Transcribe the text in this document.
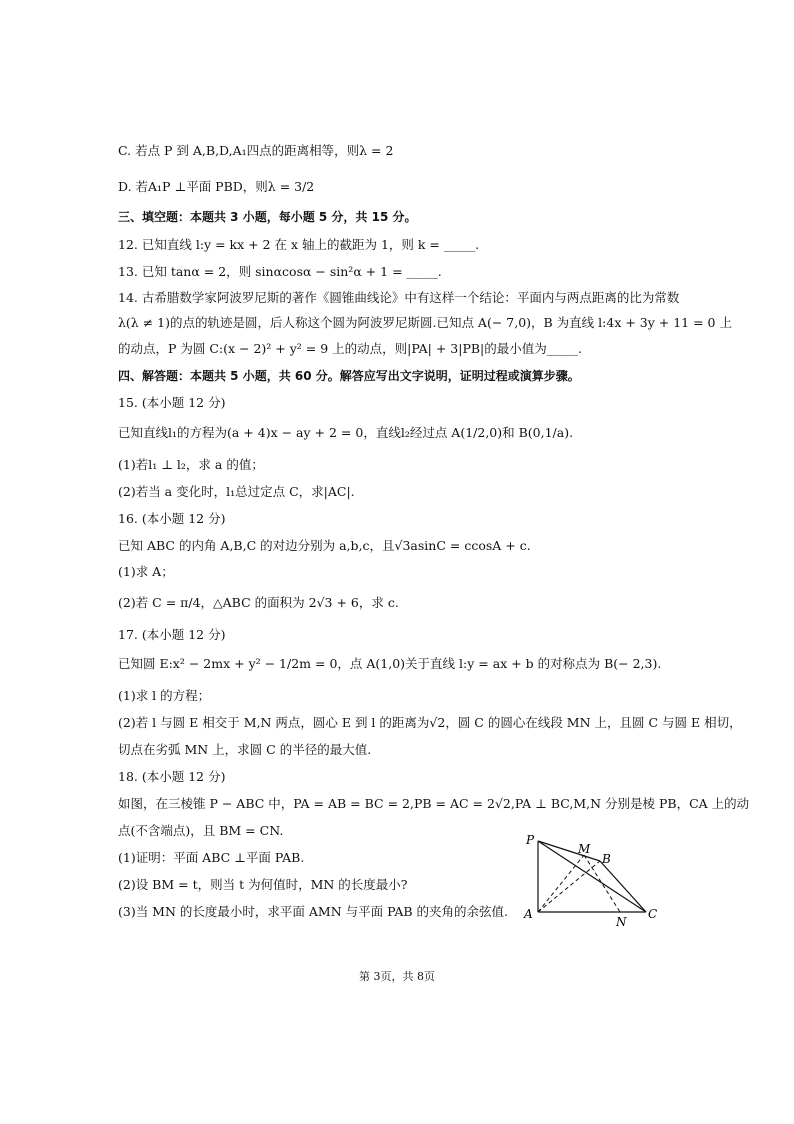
C. 若点 P 到 A,B,D,A₁四点的距离相等，则λ = 2
D. 若A₁P ⊥平面 PBD，则λ = 3/2
三、填空题：本题共 3 小题，每小题 5 分，共 15 分。
12. 已知直线 l:y = kx + 2 在 x 轴上的截距为 1，则 k = _____.
13. 已知 tanα = 2，则 sinαcosα − sin²α + 1 = _____.
14. 古希腊数学家阿波罗尼斯的著作《圆锥曲线论》中有这样一个结论：平面内与两点距离的比为常数
λ(λ ≠ 1)的点的轨迹是圆，后人称这个圆为阿波罗尼斯圆.已知点 A(− 7,0)，B 为直线 l:4x + 3y + 11 = 0 上
的动点，P 为圆 C:(x − 2)² + y² = 9 上的动点，则|PA| + 3|PB|的最小值为_____.
四、解答题：本题共 5 小题，共 60 分。解答应写出文字说明，证明过程或演算步骤。
15. (本小题 12 分)
已知直线l₁的方程为(a + 4)x − ay + 2 = 0，直线l₂经过点 A(1/2,0)和 B(0,1/a).
(1)若l₁ ⊥ l₂，求 a 的值；
(2)若当 a 变化时，l₁总过定点 C，求|AC|.
16. (本小题 12 分)
已知 ABC 的内角 A,B,C 的对边分别为 a,b,c，且√3asinC = ccosA + c.
(1)求 A；
(2)若 C = π/4，△ABC 的面积为 2√3 + 6，求 c.
17. (本小题 12 分)
已知圆 E:x² − 2mx + y² − 1/2m = 0，点 A(1,0)关于直线 l:y = ax + b 的对称点为 B(− 2,3).
(1)求 l 的方程；
(2)若 l 与圆 E 相交于 M,N 两点，圆心 E 到 l 的距离为√2，圆 C 的圆心在线段 MN 上，且圆 C 与圆 E 相切，
切点在劣弧 MN 上，求圆 C 的半径的最大值.
18. (本小题 12 分)
如图，在三棱锥 P − ABC 中，PA = AB = BC = 2,PB = AC = 2√2,PA ⊥ BC,M,N 分别是棱 PB，CA 上的动
点(不含端点)，且 BM = CN.
(1)证明：平面 ABC ⊥平面 PAB.
(2)设 BM = t，则当 t 为何值时，MN 的长度最小?
(3)当 MN 的长度最小时，求平面 AMN 与平面 PAB 的夹角的余弦值.
P
M
B
A
N
C
第 3页，共 8页
